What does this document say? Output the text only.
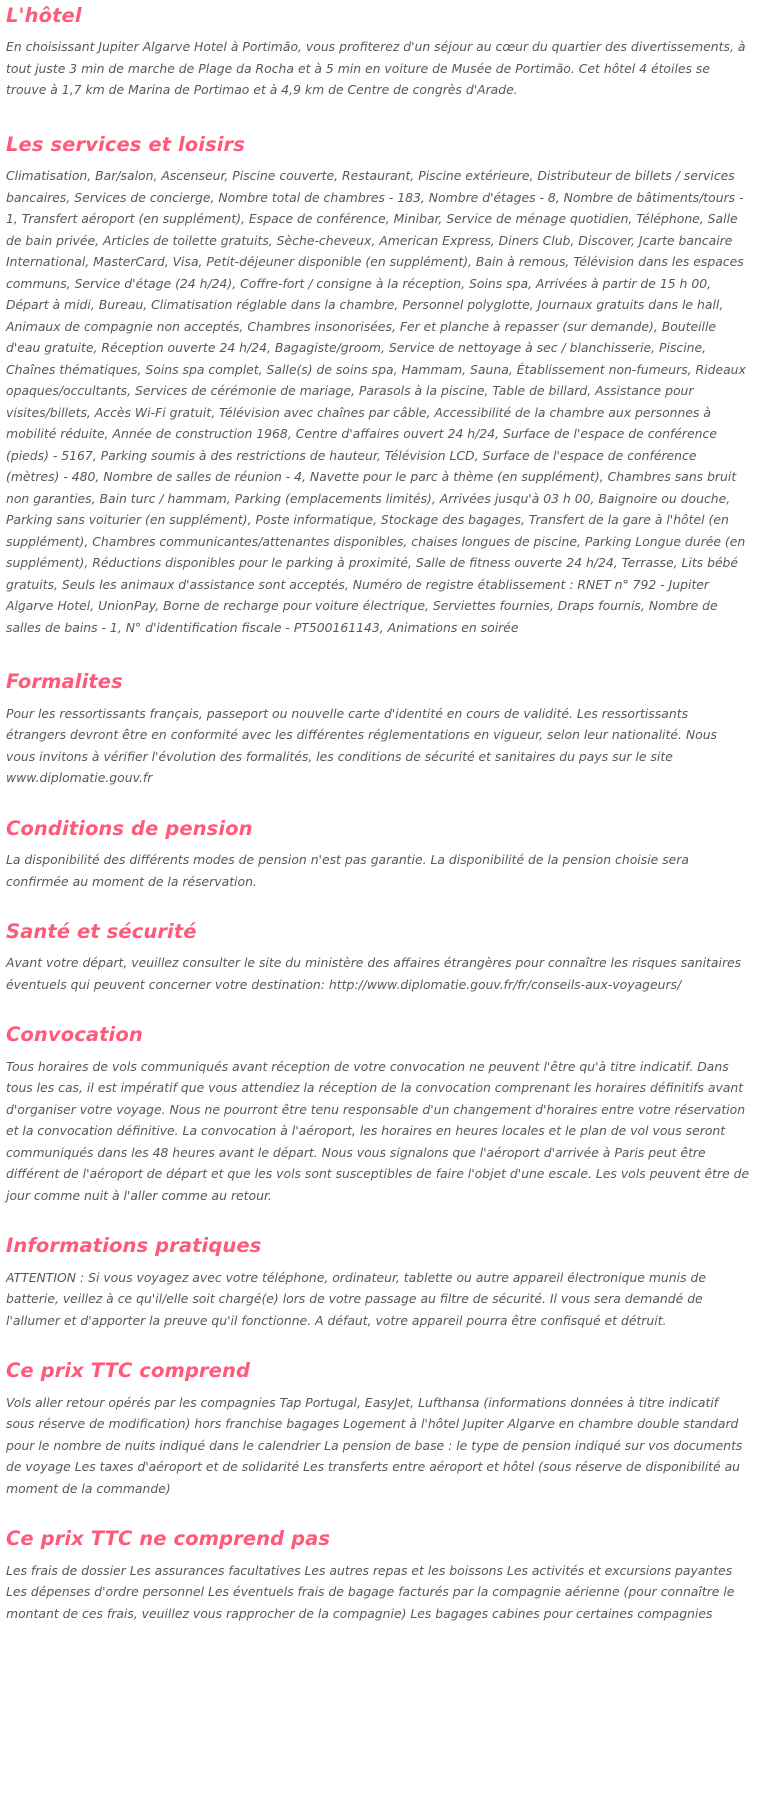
L'hôtel

En choisissant Jupiter Algarve Hotel à Portimão, vous profiterez d'un séjour au cœur du quartier des divertissements, à tout juste 3 min de marche de Plage da Rocha et à 5 min en voiture de Musée de Portimão. Cet hôtel 4 étoiles se trouve à 1,7 km de Marina de Portimao et à 4,9 km de Centre de congrès d'Arade.

Les services et loisirs

Climatisation, Bar/salon, Ascenseur, Piscine couverte, Restaurant, Piscine extérieure, Distributeur de billets / services bancaires, Services de concierge, Nombre total de chambres - 183, Nombre d'étages - 8, Nombre de bâtiments/tours - 1, Transfert aéroport (en supplément), Espace de conférence, Minibar, Service de ménage quotidien, Téléphone, Salle de bain privée, Articles de toilette gratuits, Sèche-cheveux, American Express, Diners Club, Discover, Jcarte bancaire International, MasterCard, Visa, Petit-déjeuner disponible (en supplément), Bain à remous, Télévision dans les espaces communs, Service d'étage (24 h/24), Coffre-fort / consigne à la réception, Soins spa, Arrivées à partir de 15 h 00, Départ à midi, Bureau, Climatisation réglable dans la chambre, Personnel polyglotte, Journaux gratuits dans le hall, Animaux de compagnie non acceptés, Chambres insonorisées, Fer et planche à repasser (sur demande), Bouteille d'eau gratuite, Réception ouverte 24 h/24, Bagagiste/groom, Service de nettoyage à sec / blanchisserie, Piscine, Chaînes thématiques, Soins spa complet, Salle(s) de soins spa, Hammam, Sauna, Établissement non-fumeurs, Rideaux opaques/occultants, Services de cérémonie de mariage, Parasols à la piscine, Table de billard, Assistance pour visites/billets, Accès Wi-Fi gratuit, Télévision avec chaînes par câble, Accessibilité de la chambre aux personnes à mobilité réduite, Année de construction 1968, Centre d'affaires ouvert 24 h/24, Surface de l'espace de conférence (pieds) - 5167, Parking soumis à des restrictions de hauteur, Télévision LCD, Surface de l'espace de conférence (mètres) - 480, Nombre de salles de réunion - 4, Navette pour le parc à thème (en supplément), Chambres sans bruit non garanties, Bain turc / hammam, Parking (emplacements limités), Arrivées jusqu'à 03 h 00, Baignoire ou douche, Parking sans voiturier (en supplément), Poste informatique, Stockage des bagages, Transfert de la gare à l'hôtel (en supplément), Chambres communicantes/attenantes disponibles, chaises longues de piscine, Parking Longue durée (en supplément), Réductions disponibles pour le parking à proximité, Salle de fitness ouverte 24 h/24, Terrasse, Lits bébé gratuits, Seuls les animaux d'assistance sont acceptés, Numéro de registre établissement : RNET n° 792 - Jupiter Algarve Hotel, UnionPay, Borne de recharge pour voiture électrique, Serviettes fournies, Draps fournis, Nombre de salles de bains - 1, N° d'identification fiscale - PT500161143, Animations en soirée

Formalites

Pour les ressortissants français, passeport ou nouvelle carte d'identité en cours de validité. Les ressortissants étrangers devront être en conformité avec les différentes réglementations en vigueur, selon leur nationalité. Nous vous invitons à vérifier l'évolution des formalités, les conditions de sécurité et sanitaires du pays sur le site www.diplomatie.gouv.fr

Conditions de pension

La disponibilité des différents modes de pension n'est pas garantie. La disponibilité de la pension choisie sera confirmée au moment de la réservation.

Santé et sécurité

Avant votre départ, veuillez consulter le site du ministère des affaires étrangères pour connaître les risques sanitaires éventuels qui peuvent concerner votre destination: http://www.diplomatie.gouv.fr/fr/conseils-aux-voyageurs/

Convocation

Tous horaires de vols communiqués avant réception de votre convocation ne peuvent l'être qu'à titre indicatif. Dans tous les cas, il est impératif que vous attendiez la réception de la convocation comprenant les horaires définitifs avant d'organiser votre voyage. Nous ne pourront être tenu responsable d'un changement d'horaires entre votre réservation et la convocation définitive. La convocation à l'aéroport, les horaires en heures locales et le plan de vol vous seront communiqués dans les 48 heures avant le départ. Nous vous signalons que l'aéroport d'arrivée à Paris peut être différent de l'aéroport de départ et que les vols sont susceptibles de faire l'objet d'une escale. Les vols peuvent être de jour comme nuit à l'aller comme au retour.

Informations pratiques

ATTENTION : Si vous voyagez avec votre téléphone, ordinateur, tablette ou autre appareil électronique munis de batterie, veillez à ce qu'il/elle soit chargé(e) lors de votre passage au filtre de sécurité. Il vous sera demandé de l'allumer et d'apporter la preuve qu'il fonctionne. A défaut, votre appareil pourra être confisqué et détruit.

Ce prix TTC comprend

Vols aller retour opérés par les compagnies Tap Portugal, EasyJet, Lufthansa (informations données à titre indicatif sous réserve de modification) hors franchise bagages Logement à l'hôtel Jupiter Algarve en chambre double standard pour le nombre de nuits indiqué dans le calendrier La pension de base : le type de pension indiqué sur vos documents de voyage Les taxes d'aéroport et de solidarité Les transferts entre aéroport et hôtel (sous réserve de disponibilité au moment de la commande)

Ce prix TTC ne comprend pas

Les frais de dossier Les assurances facultatives Les autres repas et les boissons Les activités et excursions payantes Les dépenses d'ordre personnel Les éventuels frais de bagage facturés par la compagnie aérienne (pour connaître le montant de ces frais, veuillez vous rapprocher de la compagnie) Les bagages cabines pour certaines compagnies
